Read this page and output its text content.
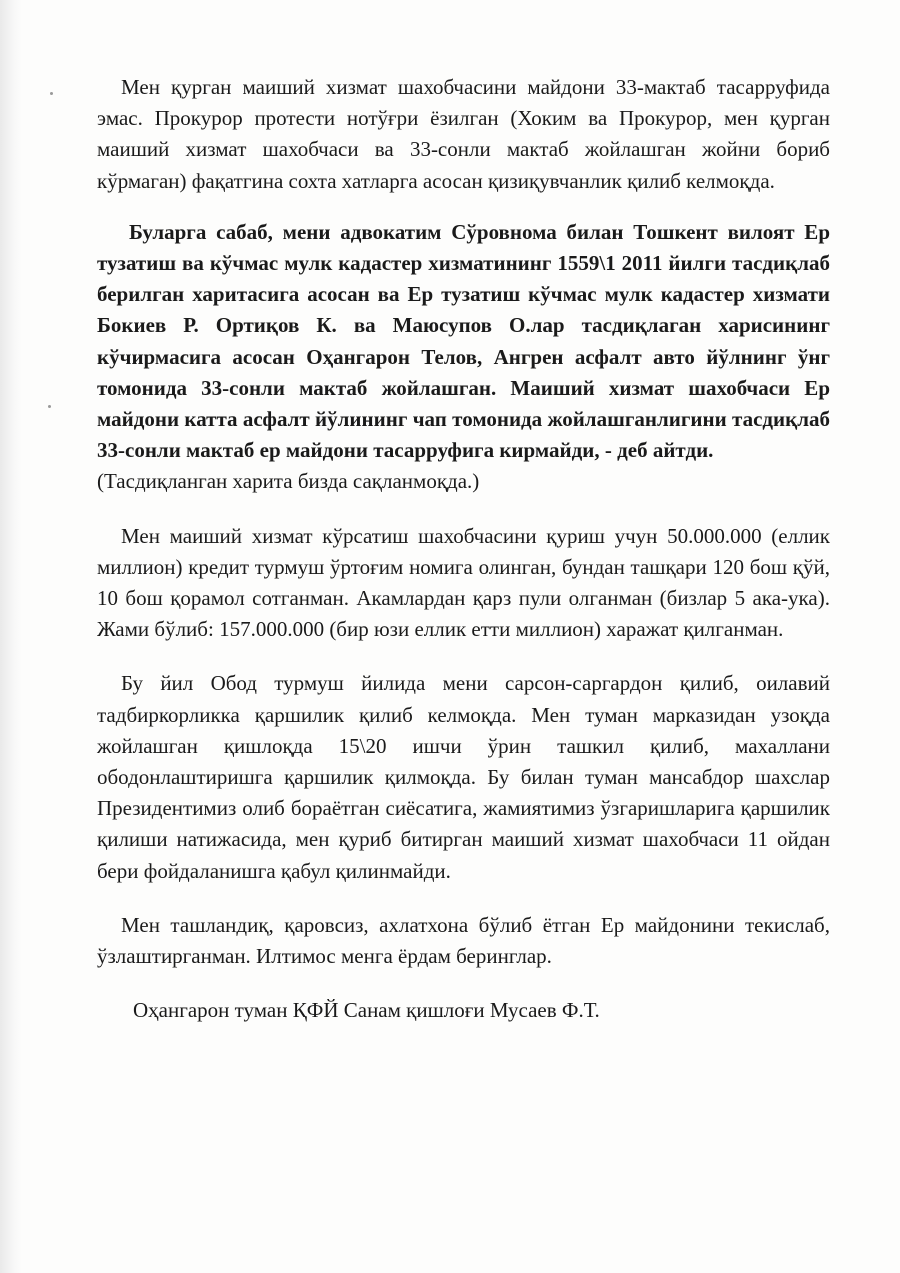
Мен қурган маиший хизмат шахобчасини майдони 33-мактаб тасарруфида эмас. Прокурор протести нотўғри ёзилган (Хоким ва Прокурор, мен қурган маиший хизмат шахобчаси ва 33-сонли мактаб жойлашган жойни бориб кўрмаган) фақатгина сохта хатларга асосан қизиқувчанлик қилиб келмоқда.

Буларга сабаб, мени адвокатим Сўровнома билан Тошкент вилоят Ер тузатиш ва кўчмас мулк кадастер хизматининг 1559\1 2011 йилги тасдиқлаб берилган харитасига асосан ва Ер тузатиш кўчмас мулк кадастер хизмати Бокиев Р. Ортиқов К. ва Маюсупов О.лар тасдиқлаган харисининг кўчирмасига асосан Оҳангарон Телов, Ангрен асфалт авто йўлнинг ўнг томонида 33-сонли мактаб жойлашган. Маиший хизмат шахобчаси Ер майдони катта асфалт йўлининг чап томонида жойлашганлигини тасдиқлаб 33-сонли мактаб ер майдони тасарруфига кирмайди, - деб айтди.

(Тасдиқланган харита бизда сақланмоқда.)

Мен маиший хизмат кўрсатиш шахобчасини қуриш учун 50.000.000 (еллик миллион) кредит турмуш ўртоғим номига олинган, бундан ташқари 120 бош қўй, 10 бош қорамол сотганман. Акамлардан қарз пули олганман (бизлар 5 ака-ука). Жами бўлиб: 157.000.000 (бир юзи еллик етти миллион) харажат қилганман.

Бу йил Обод турмуш йилида мени сарсон-саргардон қилиб, оилавий тадбиркорликка қаршилик қилиб келмоқда. Мен туман марказидан узоқда жойлашган қишлоқда 15\20 ишчи ўрин ташкил қилиб, махаллани ободонлаштиришга қаршилик қилмоқда. Бу билан туман мансабдор шахслар Президентимиз олиб бораётган сиёсатига, жамиятимиз ўзгаришларига қаршилик қилиши натижасида, мен қуриб битирган маиший хизмат шахобчаси 11 ойдан бери фойдаланишга қабул қилинмайди.

Мен ташландиқ, қаровсиз, ахлатхона бўлиб ётган Ер майдонини текислаб, ўзлаштирганман. Илтимос менга ёрдам беринглар.

Оҳангарон туман ҚФЙ Санам қишлоғи Мусаев Ф.Т.
